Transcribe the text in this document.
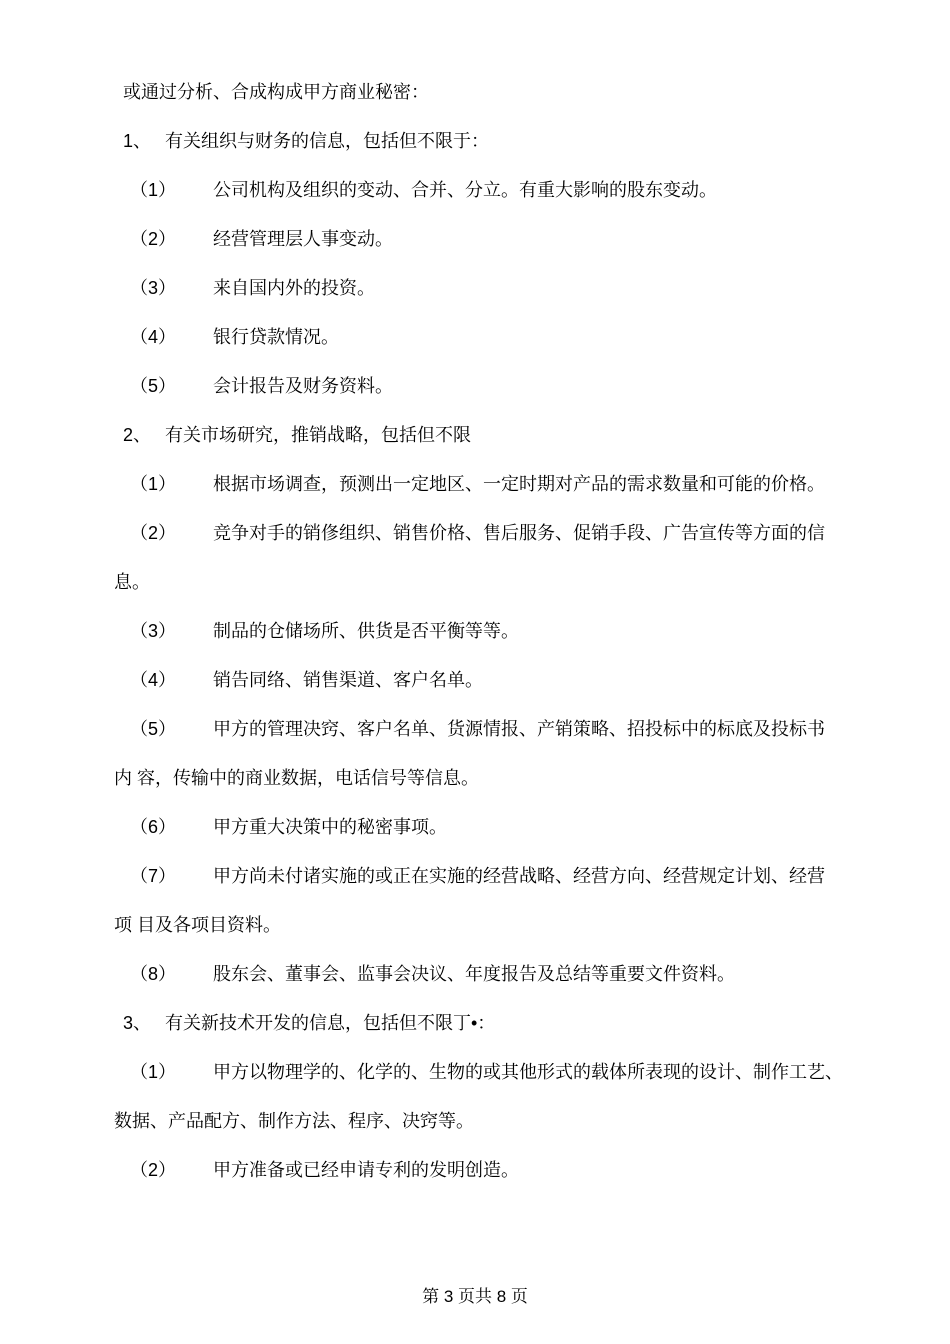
或通过分析、合成构成甲方商业秘密：
1、 有关组织与财务的信息，包括但不限于：
（1） 公司机构及组织的变动、合并、分立。有重大影响的股东变动。
（2） 经营管理层人事变动。
（3） 来自国内外的投资。
（4） 银行贷款情况。
（5） 会计报告及财务资料。
2、 有关市场研究，推销战略，包括但不限
（1） 根据市场调查，预测出一定地区、一定时期对产品的需求数量和可能的价格。
（2） 竞争对手的销俢组织、销售价格、售后服务、促销手段、广告宣传等方面的信
息。
（3） 制品的仓储场所、供货是否平衡等等。
（4） 销告同络、销售渠道、客户名单。
（5） 甲方的管理决窍、客户名单、货源情报、产销策略、招投标中的标底及投标书
内 容，传输中的商业数据，电话信号等信息。
（6） 甲方重大决策中的秘密事项。
（7） 甲方尚未付诸实施的或正在实施的经营战略、经营方向、经营规定计划、经营
项 目及各项目资料。
（8） 股东会、董事会、监事会决议、年度报告及总结等重要文件资料。
3、 有关新技术开发的信息，包括但不限丁•：
（1） 甲方以物理学的、化学的、生物的或其他形式的载体所表现的设计、制作工艺、
数据、产品配方、制作方法、程序、决窍等。
（2） 甲方准备或已经申请专利的发明创造。
第 3 页共 8 页
